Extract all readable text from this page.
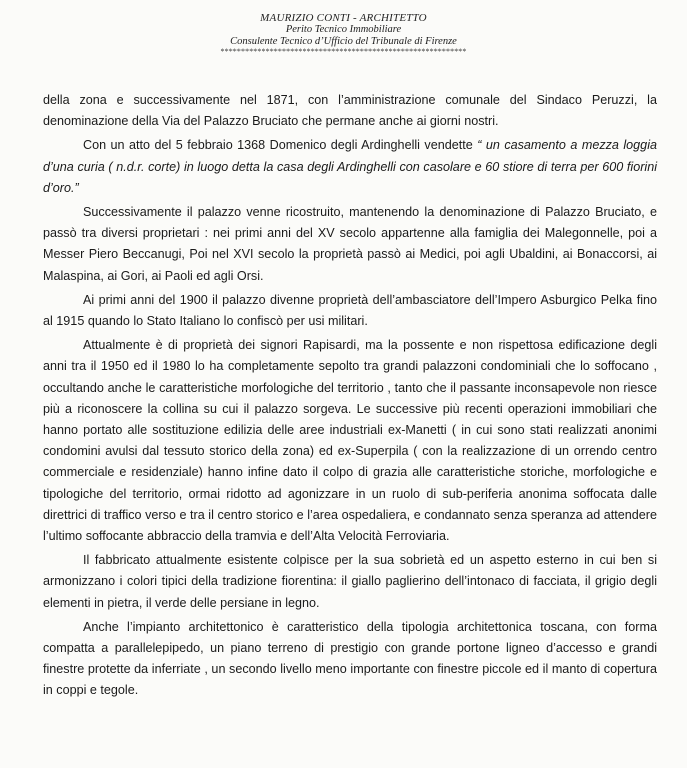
MAURIZIO CONTI - ARCHITETTO
Perito Tecnico Immobiliare
Consulente Tecnico d’Ufficio del Tribunale di Firenze
************************************************************

della zona e successivamente nel 1871, con l’amministrazione comunale del Sindaco Peruzzi, la denominazione della Via del Palazzo Bruciato che permane anche ai giorni nostri.

Con un atto del 5 febbraio 1368 Domenico degli Ardinghelli vendette “ un casamento a mezza loggia d’una curia ( n.d.r. corte) in luogo detta la casa degli Ardinghelli con casolare e 60 stiore di terra per 600 fiorini d’oro.”

Successivamente il palazzo venne ricostruito, mantenendo la denominazione di Palazzo Bruciato, e passò tra diversi proprietari : nei primi anni del XV secolo appartenne alla famiglia dei Malegonnelle, poi a Messer Piero Beccanugi, Poi nel XVI secolo la proprietà passò ai Medici, poi agli Ubaldini, ai Bonaccorsi, ai Malaspina, ai Gori, ai Paoli ed agli Orsi.

Ai primi anni del 1900 il palazzo divenne proprietà dell’ambasciatore dell’Impero Asburgico Pelka fino al 1915 quando lo Stato Italiano lo confiscò per usi militari.

Attualmente è di proprietà dei signori Rapisardi, ma la possente e non rispettosa edificazione degli anni tra il 1950 ed il 1980 lo ha completamente sepolto tra grandi palazzoni condominiali che lo soffocano , occultando anche le caratteristiche morfologiche del territorio , tanto che il passante inconsapevole non riesce più a riconoscere la collina su cui il palazzo sorgeva. Le successive più recenti operazioni immobiliari che hanno portato alle sostituzione edilizia delle aree industriali ex-Manetti ( in cui sono stati realizzati anonimi condomini avulsi dal tessuto storico della zona) ed ex-Superpila ( con la realizzazione di un orrendo centro commerciale e residenziale) hanno infine dato il colpo di grazia alle caratteristiche storiche, morfologiche e tipologiche del territorio, ormai ridotto ad agonizzare in un ruolo di sub-periferia anonima soffocata dalle direttrici di traffico verso e tra il centro storico e l’area ospedaliera, e condannato senza speranza ad attendere l’ultimo soffocante abbraccio della tramvia e dell’Alta Velocità Ferroviaria.

Il fabbricato attualmente esistente colpisce per la sua sobrietà ed un aspetto esterno in cui ben si armonizzano i colori tipici della tradizione fiorentina: il giallo paglierino dell’intonaco di facciata, il grigio degli elementi in pietra, il verde delle persiane in legno.

Anche l’impianto architettonico è caratteristico della tipologia architettonica toscana, con forma compatta a parallelepipedo, un piano terreno di prestigio con grande portone ligneo d’accesso e grandi finestre protette da inferriate , un secondo livello meno importante con finestre piccole ed il manto di copertura in coppi e tegole.
